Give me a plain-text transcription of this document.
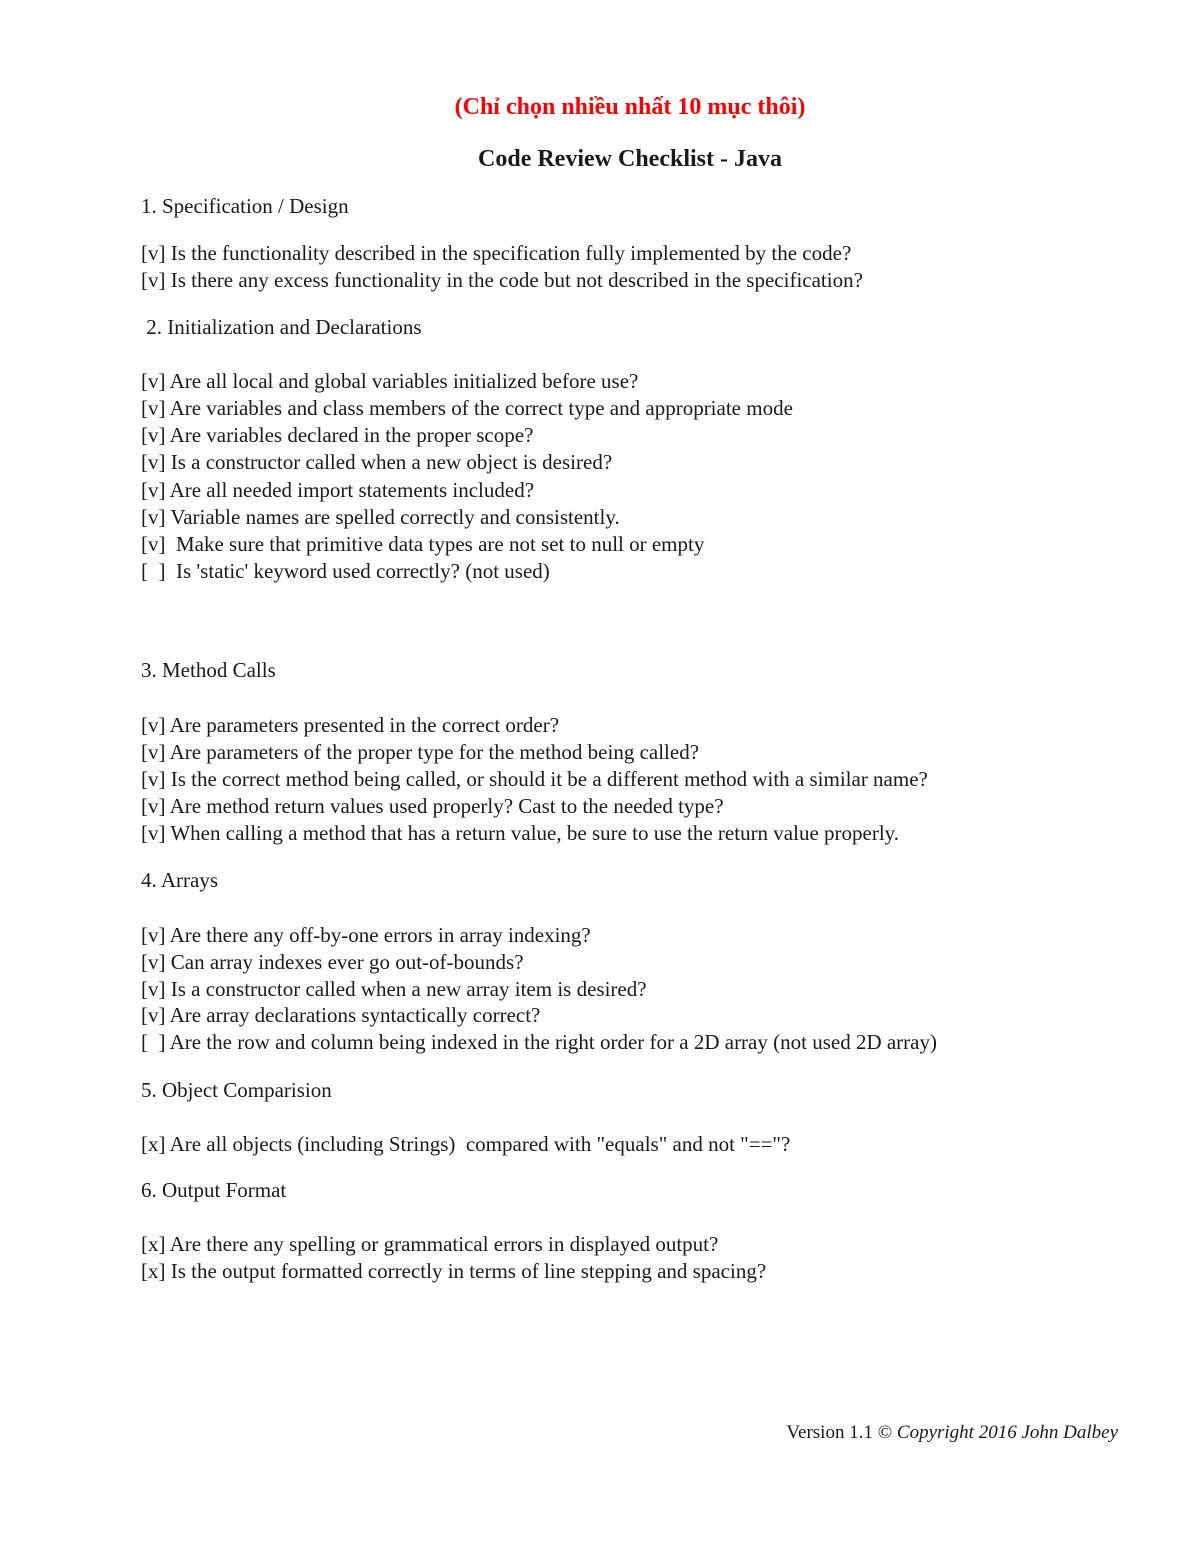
(Chỉ chọn nhiều nhất 10 mục thôi)
Code Review Checklist - Java
1. Specification / Design
[v] Is the functionality described in the specification fully implemented by the code?
[v] Is there any excess functionality in the code but not described in the specification?
2. Initialization and Declarations
[v] Are all local and global variables initialized before use?
[v] Are variables and class members of the correct type and appropriate mode
[v] Are variables declared in the proper scope?
[v] Is a constructor called when a new object is desired?
[v] Are all needed import statements included?
[v] Variable names are spelled correctly and consistently.
[v]  Make sure that primitive data types are not set to null or empty
[  ]  Is 'static' keyword used correctly? (not used)
3. Method Calls
[v] Are parameters presented in the correct order?
[v] Are parameters of the proper type for the method being called?
[v] Is the correct method being called, or should it be a different method with a similar name?
[v] Are method return values used properly? Cast to the needed type?
[v] When calling a method that has a return value, be sure to use the return value properly.
4. Arrays
[v] Are there any off-by-one errors in array indexing?
[v] Can array indexes ever go out-of-bounds?
[v] Is a constructor called when a new array item is desired?
[v] Are array declarations syntactically correct?
[  ] Are the row and column being indexed in the right order for a 2D array (not used 2D array)
5. Object Comparision
[x] Are all objects (including Strings)  compared with "equals" and not "=="?
6. Output Format
[x] Are there any spelling or grammatical errors in displayed output?
[x] Is the output formatted correctly in terms of line stepping and spacing?
Version 1.1 © Copyright 2016 John Dalbey
